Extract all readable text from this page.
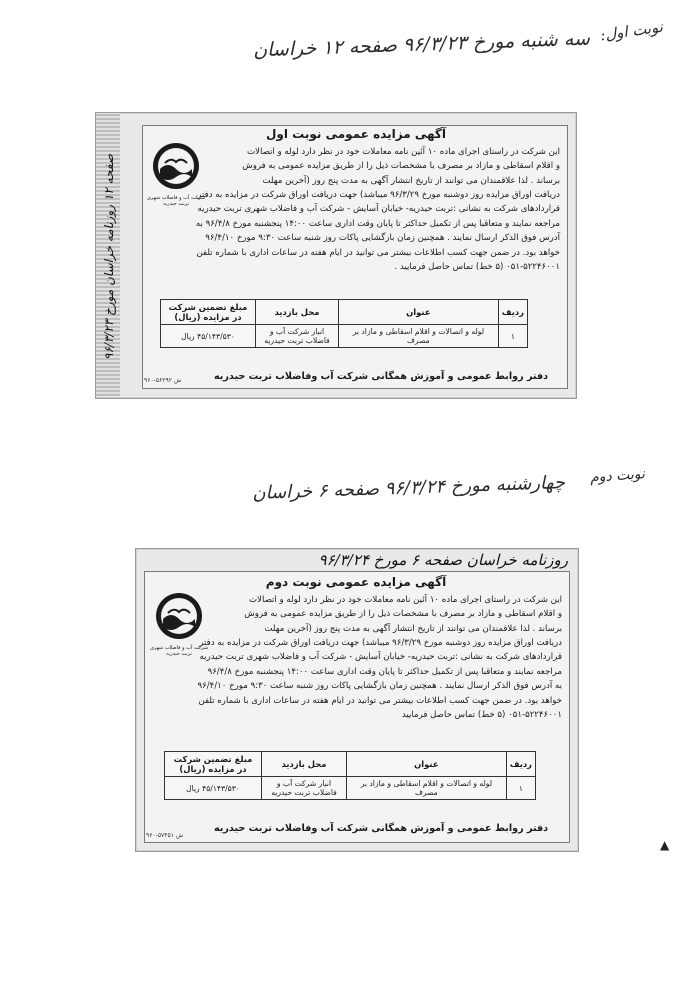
نوبت اول:
سه شنبه مورخ ۹۶/۳/۲۳ صفحه ۱۲ خراسان
صفحه ۱۲ روزنامه خراسان مورخ ۹۶/۳/۲۳
آگهی مزایده عمومی نوبت اول
شرکت آب و فاضلاب شهری تربت حیدریه

این شرکت در راستای اجرای ماده ۱۰ آئین نامه معاملات خود در نظر دارد لوله و اتصالات

و اقلام اسقاطی و مازاد بر مصرف با مشخصات ذیل را از طریق مزایده عمومی به فروش

برساند . لذا علاقمندان می توانند از تاریخ انتشار آگهی به مدت پنج روز (آخرین مهلت

دریافت اوراق مزایده روز دوشنبه مورخ ۹۶/۳/۲۹ میباشد) جهت دریافت اوراق شرکت در مزایده به دفتر

قراردادهای شرکت به نشانی :تربت حیدریه- خیابان آسایش - شرکت آب و فاضلاب شهری تربت حیدریه

مراجعه نمایند و متعاقبا پس از تکمیل حداکثر تا پایان وقت اداری ساعت ۱۴:۰۰ پنجشنبه مورخ ۹۶/۴/۸ به

آدرس فوق الذکر ارسال نمایند . همچنین زمان بازگشایی پاکات روز شنبه ساعت ۹:۳۰ مورخ ۹۶/۴/۱۰

خواهد بود. در ضمن جهت کسب اطلاعات بیشتر می توانید در ایام هفته در ساعات اداری با شماره تلفن

۰۵۱-۵۲۲۴۶۰۰۱ (۵ خط) تماس حاصل فرمایید .

ردیف	عنوان	محل بازدید	مبلغ تضمین شرکت در مزایده (ریال)
۱	لوله و اتصالات و اقلام اسقاطی و مازاد بر مصرف	انبار شرکت آب و فاضلاب تربت حیدریه	۴۵/۱۴۳/۵۳۰ ریال
دفتر روابط عمومی و آموزش همگانی شرکت آب وفاضلاب تربت حیدریه
۹۶۰-۵۶۲۹۲ ش
نوبت دوم
چهارشنبه مورخ ۹۶/۳/۲۴ صفحه ۶ خراسان
روزنامه خراسان صفحه ۶ مورخ ۹۶/۳/۲۴
آگهی مزایده عمومی نوبت دوم
شرکت آب و فاضلاب شهری تربت حیدریه

این شرکت در راستای اجرای ماده ۱۰ آئین نامه معاملات خود در نظر دارد لوله و اتصالات

و اقلام اسقاطی و مازاد بر مصرف با مشخصات ذیل را از طریق مزایده عمومی به فروش

برساند . لذا علاقمندان می توانند از تاریخ انتشار آگهی به مدت پنج روز (آخرین مهلت

دریافت اوراق مزایده روز دوشنبه مورخ ۹۶/۳/۲۹ میباشد) جهت دریافت اوراق شرکت در مزایده به دفتر

قراردادهای شرکت به نشانی :تربت حیدریه- خیابان آسایش - شرکت آب و فاضلاب شهری تربت حیدریه

مراجعه نمایند و متعاقبا پس از تکمیل حداکثر تا پایان وقت اداری ساعت ۱۴:۰۰ پنجشنبه مورخ ۹۶/۴/۸

به آدرس فوق الذکر ارسال نمایند . همچنین زمان بازگشایی پاکات روز شنبه ساعت ۹:۳۰ مورخ ۹۶/۴/۱۰

خواهد بود. در ضمن جهت کسب اطلاعات بیشتر می توانید در ایام هفته در ساعات اداری با شماره تلفن

۰۵۱-۵۲۲۴۶۰۰۱ (۵ خط) تماس حاصل فرمایید

ردیف	عنوان	محل بازدید	مبلغ تضمین شرکت در مزایده (ریال)
۱	لوله و اتصالات و اقلام اسقاطی و مازاد بر مصرف	انبار شرکت آب و فاضلاب تربت حیدریه	۴۵/۱۴۳/۵۳۰ ریال
دفتر روابط عمومی و آموزش همگانی شرکت آب وفاضلاب تربت حیدریه
۹۶۰-۵۷۴۵۱ ش
▲
